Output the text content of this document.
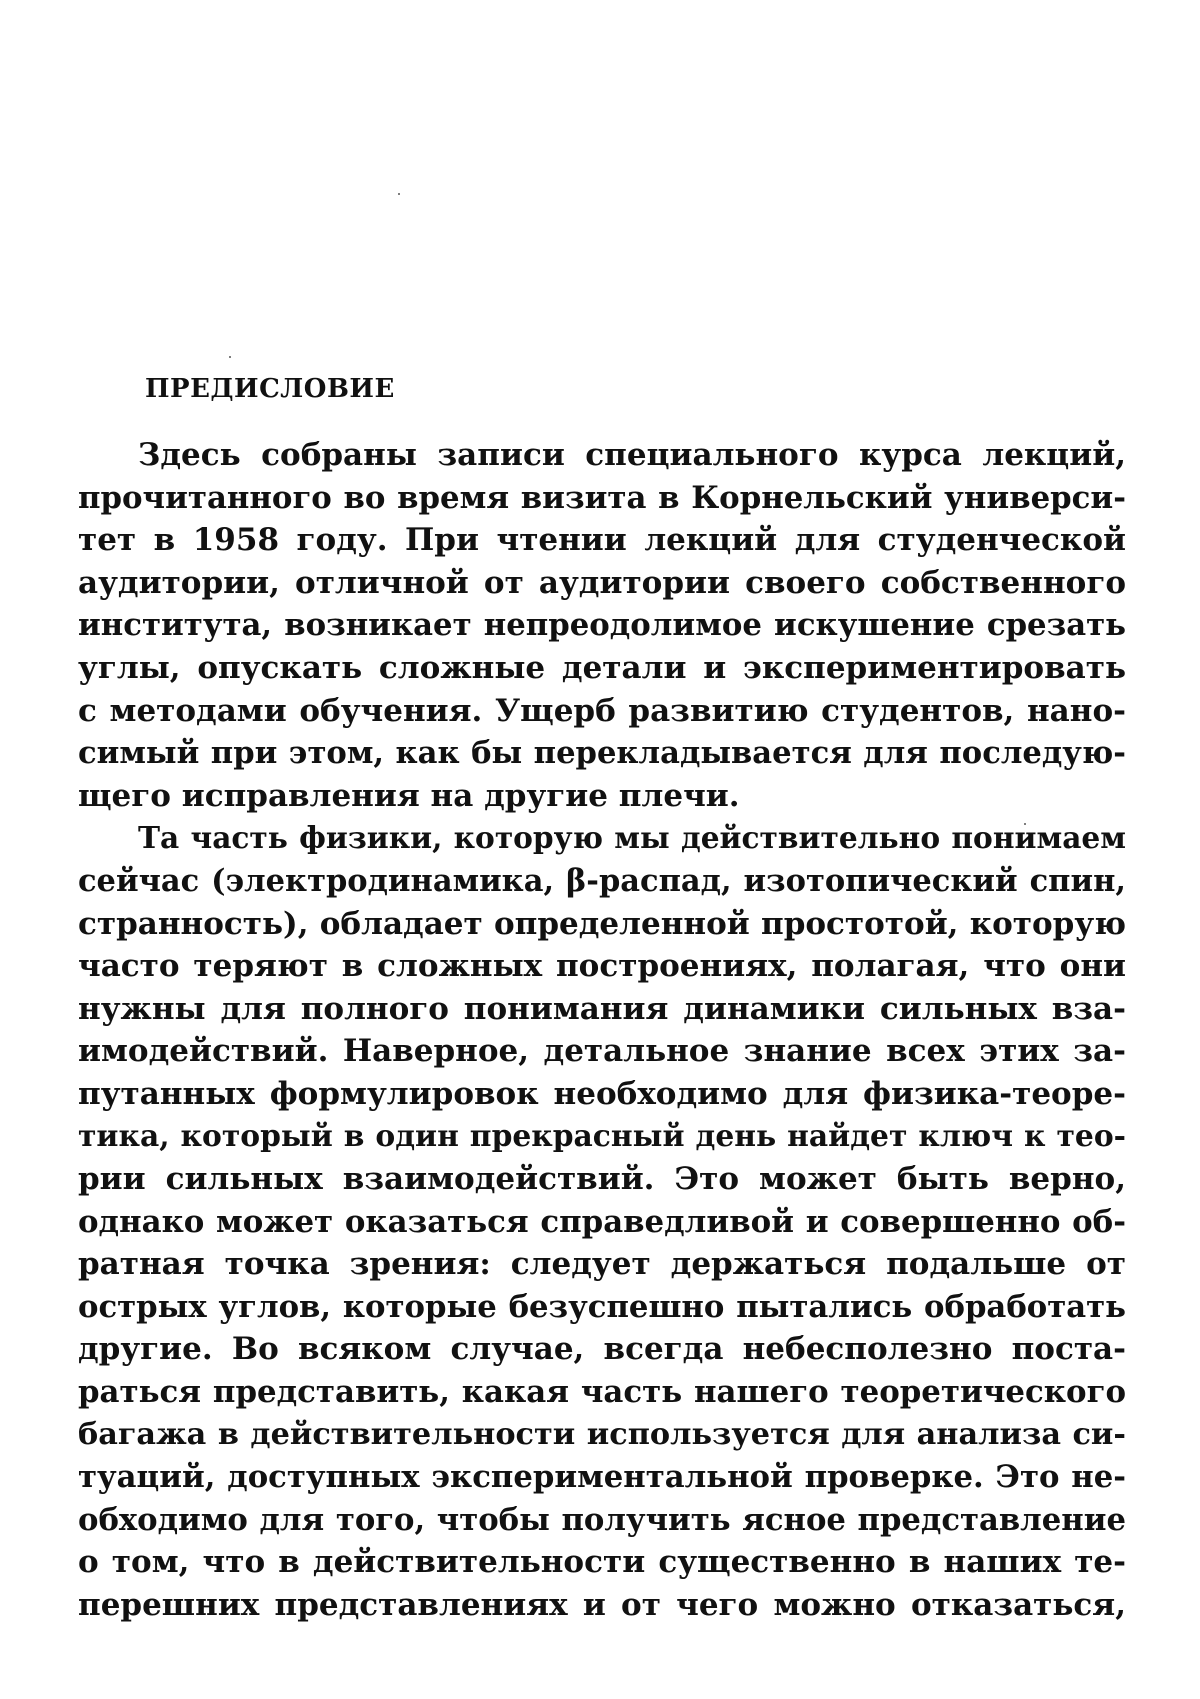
ПРЕДИСЛОВИЕ
Здесь собраны записи специального курса лекций,
прочитанного во время визита в Корнельский универси-
тет в 1958 году. При чтении лекций для студенческой
аудитории, отличной от аудитории своего собственного
института, возникает непреодолимое искушение срезать
углы, опускать сложные детали и экспериментировать
с методами обучения. Ущерб развитию студентов, нано-
симый при этом, как бы перекладывается для последую-
щего исправления на другие плечи.
Та часть физики, которую мы действительно понимаем
сейчас (электродинамика, β-распад, изотопический спин,
странность), обладает определенной простотой, которую
часто теряют в сложных построениях, полагая, что они
нужны для полного понимания динамики сильных вза-
имодействий. Наверное, детальное знание всех этих за-
путанных формулировок необходимо для физика-теоре-
тика, который в один прекрасный день найдет ключ к тео-
рии сильных взаимодействий. Это может быть верно,
однако может оказаться справедливой и совершенно об-
ратная точка зрения: следует держаться подальше от
острых углов, которые безуспешно пытались обработать
другие. Во всяком случае, всегда небесполезно поста-
раться представить, какая часть нашего теоретического
багажа в действительности используется для анализа си-
туаций, доступных экспериментальной проверке. Это не-
обходимо для того, чтобы получить ясное представление
о том, что в действительности существенно в наших те-
перешних представлениях и от чего можно отказаться,
